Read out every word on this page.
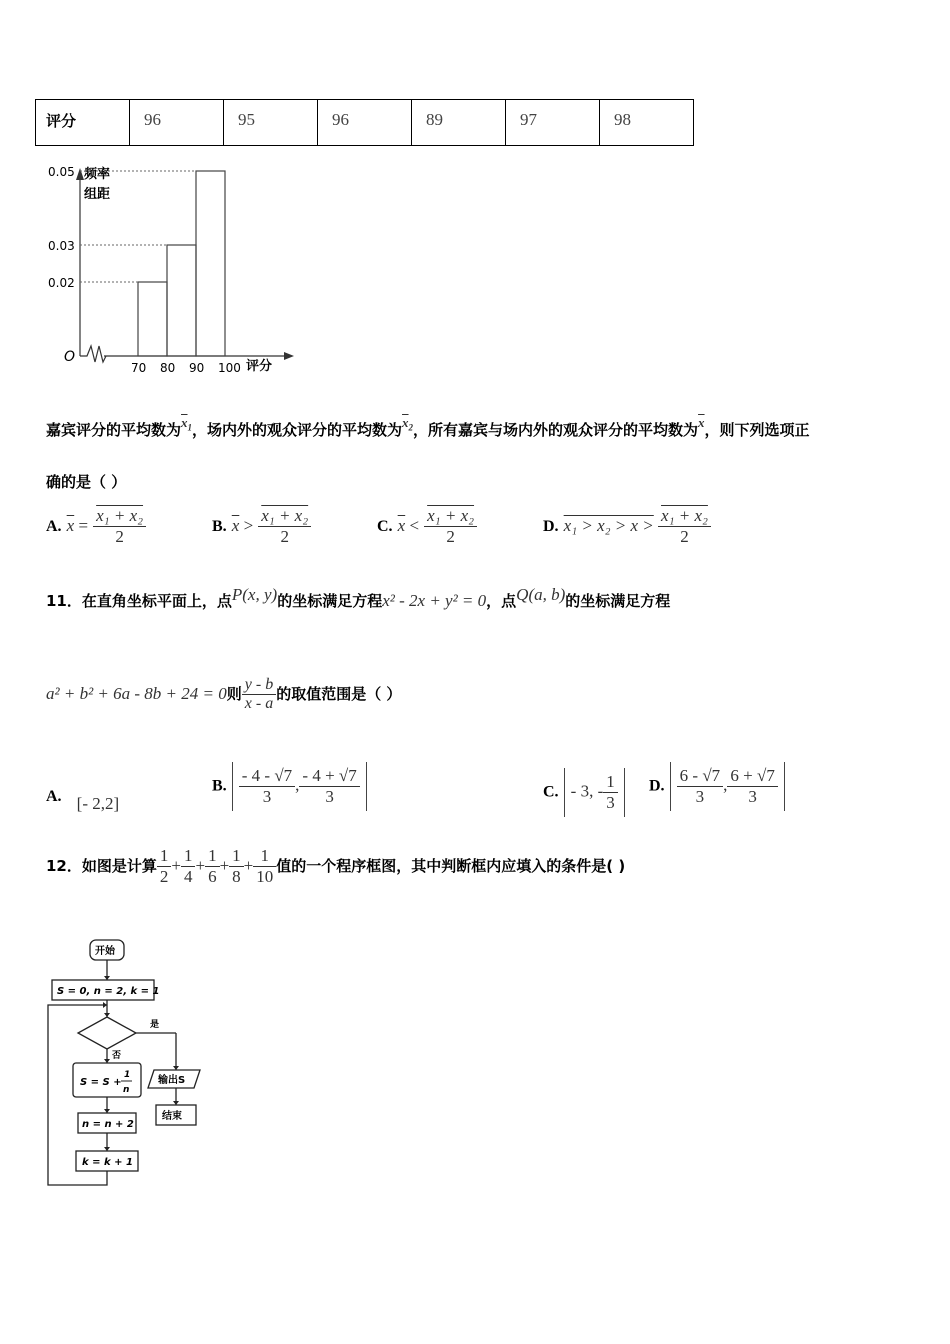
评分	96	95	96	89	97	98
频率
组距
O
0.02
0.03
0.05
70 80 90 100 评分
嘉宾评分的平均数为$\overline{x}_1$，场内外的观众评分的平均数为$\overline{x}_2$，所有嘉宾与场内外的观众评分的平均数为$\overline{x}$，则下列选项正
确的是（ ）
A. $\overline{x} = \frac{\text{x₁ + x₂}}{2}$	B. $\overline{x} > \frac{\text{x₁ + x₂}}{2}$	C. $\overline{x} < \frac{\text{x₁ + x₂}}{2}$	D. $x_1 > x_2 > x > \frac{\text{x₁ + x₂}}{2}$
11．在直角坐标平面上，点P(x, y)的坐标满足方程x² - 2x + y² = 0，点Q(a, b)的坐标满足方程
a² + b² + 6a - 8b + 24 = 0则 $\frac{y - b}{x - a}$ 的取值范围是（ ）
A. [- 2,2]
B. $\frac{- 4 - √7}{3}$ , $\frac{- 4 + √7}{3}$	C. - 3, - $\frac{1}{3} D$. $\frac{6 - √7}{3}$ , $\frac{6 + √7}{3}$
12．如图是计算 $\frac{1}{2} + \frac{1}{4} + \frac{1}{6} + \frac{1}{8} + \frac{1}{10}$ 值的一个程序框图，其中判断框内应填入的条件是( )
开始
S = 0, n = 2, k = 1
是
否
S = S +
1
n
输出S
结束
n = n + 2
k = k + 1
